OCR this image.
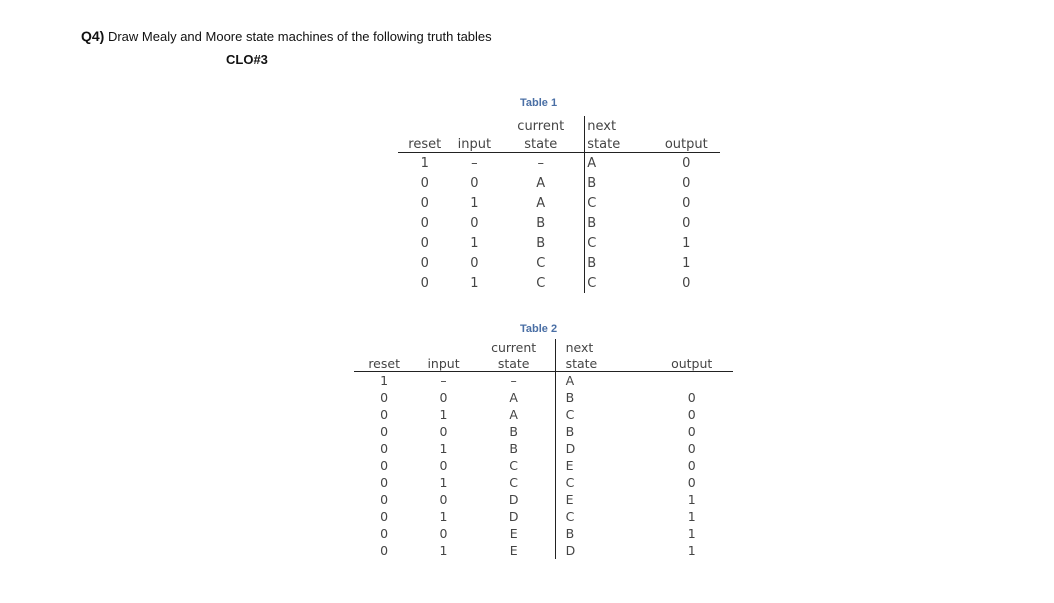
Q4) Draw Mealy and Moore state machines of the following truth tables
CLO#3
Table 1
		current	next	
reset	input	state	state	output
1	–	–	A	0
0	0	A	B	0
0	1	A	C	0
0	0	B	B	0
0	1	B	C	1
0	0	C	B	1
0	1	C	C	0
Table 2
		current	next	
reset	input	state	state	output
1	–	–	A	
0	0	A	B	0
0	1	A	C	0
0	0	B	B	0
0	1	B	D	0
0	0	C	E	0
0	1	C	C	0
0	0	D	E	1
0	1	D	C	1
0	0	E	B	1
0	1	E	D	1
